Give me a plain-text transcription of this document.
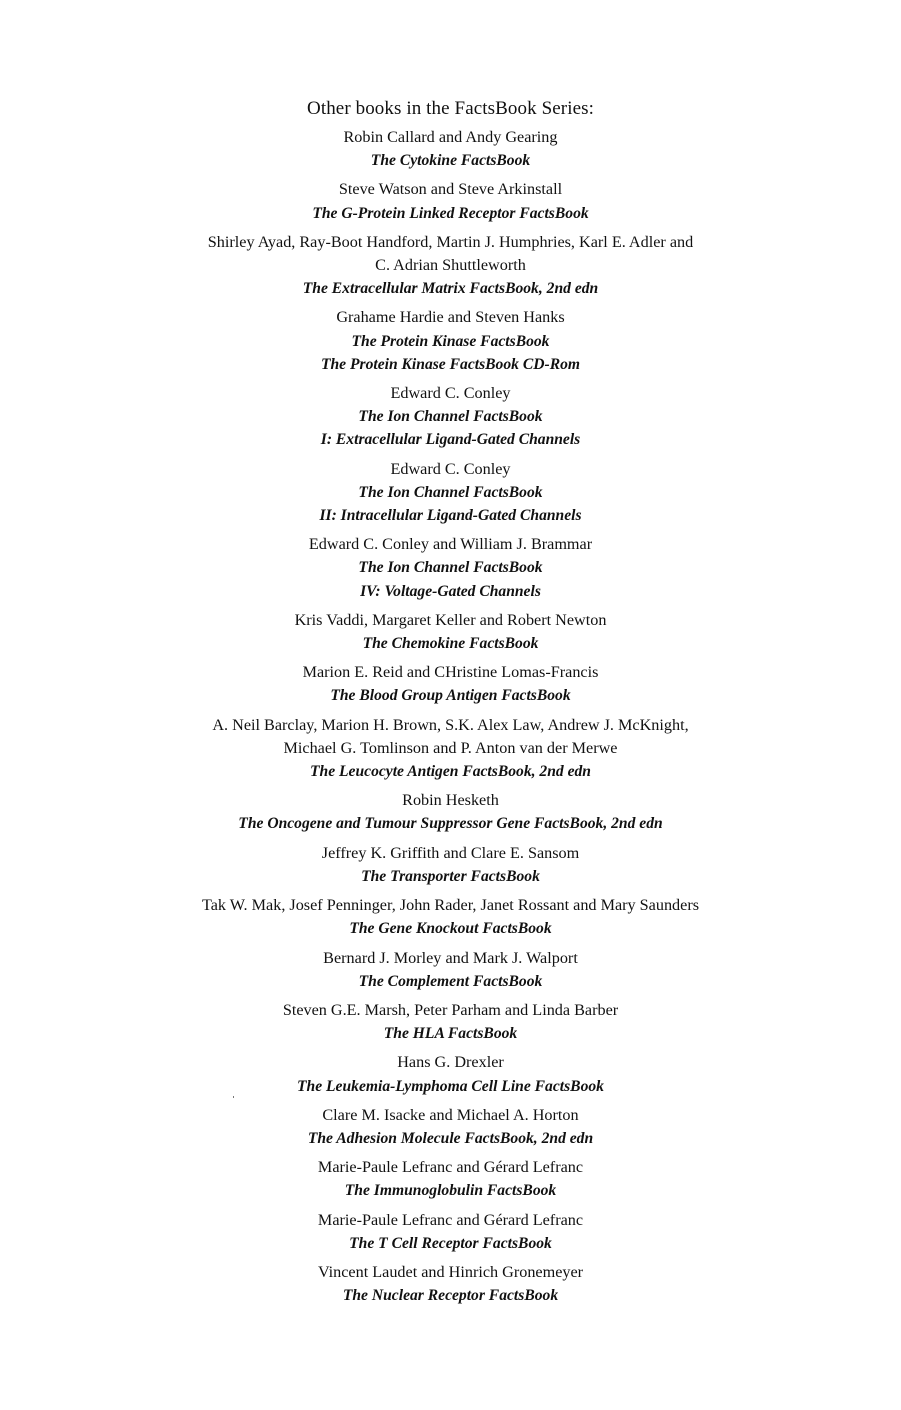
Other books in the FactsBook Series:
Robin Callard and Andy Gearing
The Cytokine FactsBook
Steve Watson and Steve Arkinstall
The G-Protein Linked Receptor FactsBook
Shirley Ayad, Ray-Boot Handford, Martin J. Humphries, Karl E. Adler and
C. Adrian Shuttleworth
The Extracellular Matrix FactsBook, 2nd edn
Grahame Hardie and Steven Hanks
The Protein Kinase FactsBook
The Protein Kinase FactsBook CD-Rom
Edward C. Conley
The Ion Channel FactsBook
I: Extracellular Ligand-Gated Channels
Edward C. Conley
The Ion Channel FactsBook
II: Intracellular Ligand-Gated Channels
Edward C. Conley and William J. Brammar
The Ion Channel FactsBook
IV: Voltage-Gated Channels
Kris Vaddi, Margaret Keller and Robert Newton
The Chemokine FactsBook
Marion E. Reid and CHristine Lomas-Francis
The Blood Group Antigen FactsBook
A. Neil Barclay, Marion H. Brown, S.K. Alex Law, Andrew J. McKnight,
Michael G. Tomlinson and P. Anton van der Merwe
The Leucocyte Antigen FactsBook, 2nd edn
Robin Hesketh
The Oncogene and Tumour Suppressor Gene FactsBook, 2nd edn
Jeffrey K. Griffith and Clare E. Sansom
The Transporter FactsBook
Tak W. Mak, Josef Penninger, John Rader, Janet Rossant and Mary Saunders
The Gene Knockout FactsBook
Bernard J. Morley and Mark J. Walport
The Complement FactsBook
Steven G.E. Marsh, Peter Parham and Linda Barber
The HLA FactsBook
Hans G. Drexler
The Leukemia-Lymphoma Cell Line FactsBook
Clare M. Isacke and Michael A. Horton
The Adhesion Molecule FactsBook, 2nd edn
Marie-Paule Lefranc and Gérard Lefranc
The Immunoglobulin FactsBook
Marie-Paule Lefranc and Gérard Lefranc
The T Cell Receptor FactsBook
Vincent Laudet and Hinrich Gronemeyer
The Nuclear Receptor FactsBook
